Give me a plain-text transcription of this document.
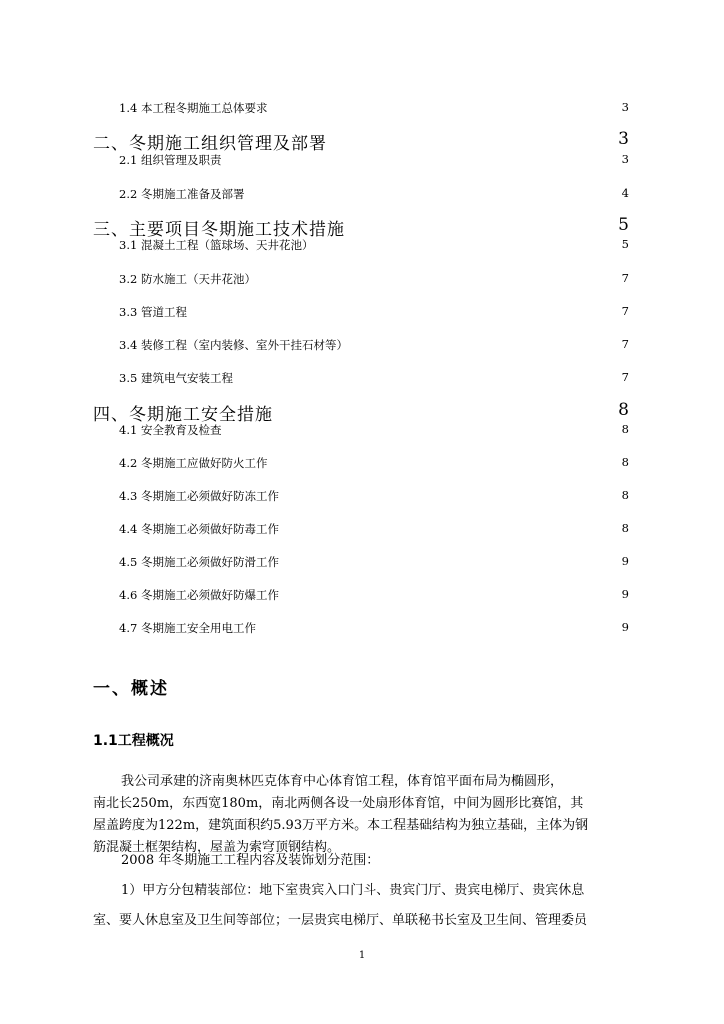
1.4 本工程冬期施工总体要求	3
二、冬期施工组织管理及部署	3
2.1 组织管理及职责	3
2.2 冬期施工准备及部署	4
三、主要项目冬期施工技术措施	5
3.1 混凝土工程（篮球场、天井花池）	5
3.2 防水施工（天井花池）	7
3.3 管道工程	7
3.4 装修工程（室内装修、室外干挂石材等）	7
3.5 建筑电气安装工程	7
四、冬期施工安全措施	8
4.1 安全教育及检查	8
4.2 冬期施工应做好防火工作	8
4.3 冬期施工必须做好防冻工作	8
4.4 冬期施工必须做好防毒工作	8
4.5 冬期施工必须做好防滑工作	9
4.6 冬期施工必须做好防爆工作	9
4.7 冬期施工安全用电工作	9
一、概述
1.1工程概况
我公司承建的济南奥林匹克体育中心体育馆工程，体育馆平面布局为椭圆形，
南北长250m，东西宽180m，南北两侧各设一处扇形体育馆，中间为圆形比赛馆，其
屋盖跨度为122m，建筑面积约5.93万平方米。本工程基础结构为独立基础，主体为钢
筋混凝土框架结构，屋盖为索穹顶钢结构。
2008 年冬期施工工程内容及装饰划分范围：
1）甲方分包精装部位：地下室贵宾入口门斗、贵宾门厅、贵宾电梯厅、贵宾休息
室、要人休息室及卫生间等部位；一层贵宾电梯厅、单联秘书长室及卫生间、管理委员
1
